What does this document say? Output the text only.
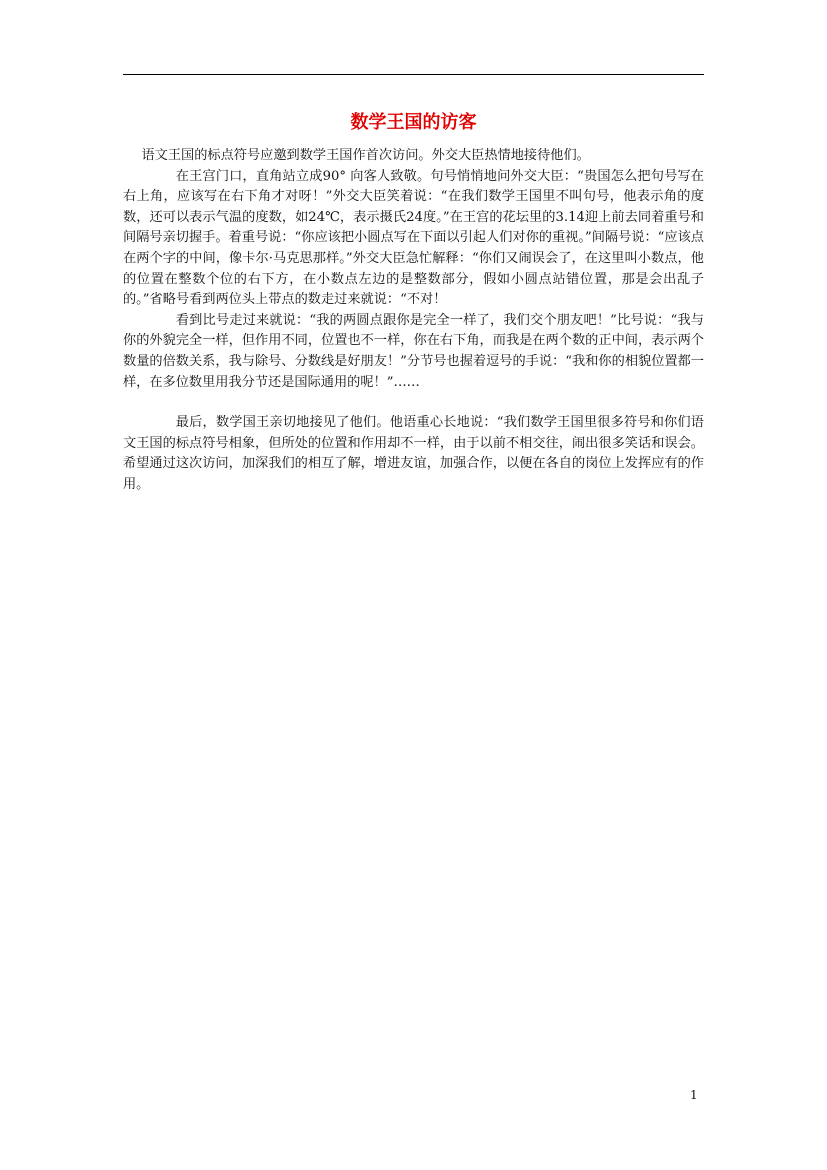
数学王国的访客

语文王国的标点符号应邀到数学王国作首次访问。外交大臣热情地接待他们。

在王宫门口，直角站立成90° 向客人致敬。句号悄悄地问外交大臣：“贵国怎么把句号写在右上角，应该写在右下角才对呀！”外交大臣笑着说：“在我们数学王国里不叫句号，他表示角的度数，还可以表示气温的度数，如24℃，表示摄氏24度。”在王宫的花坛里的3.14迎上前去同着重号和间隔号亲切握手。着重号说：“你应该把小圆点写在下面以引起人们对你的重视。”间隔号说：“应该点在两个字的中间，像卡尔·马克思那样。”外交大臣急忙解释：“你们又闹误会了，在这里叫小数点，他的位置在整数个位的右下方，在小数点左边的是整数部分，假如小圆点站错位置，那是会出乱子的。”省略号看到两位头上带点的数走过来就说：“不对！

看到比号走过来就说：“我的两圆点跟你是完全一样了，我们交个朋友吧！”比号说：“我与你的外貌完全一样，但作用不同，位置也不一样，你在右下角，而我是在两个数的正中间，表示两个数量的倍数关系，我与除号、分数线是好朋友！”分节号也握着逗号的手说：“我和你的相貌位置都一样，在多位数里用我分节还是国际通用的呢！”……

最后，数学国王亲切地接见了他们。他语重心长地说：“我们数学王国里很多符号和你们语文王国的标点符号相象，但所处的位置和作用却不一样，由于以前不相交往，闹出很多笑话和误会。希望通过这次访问，加深我们的相互了解，增进友谊，加强合作，以便在各自的岗位上发挥应有的作用。

1
